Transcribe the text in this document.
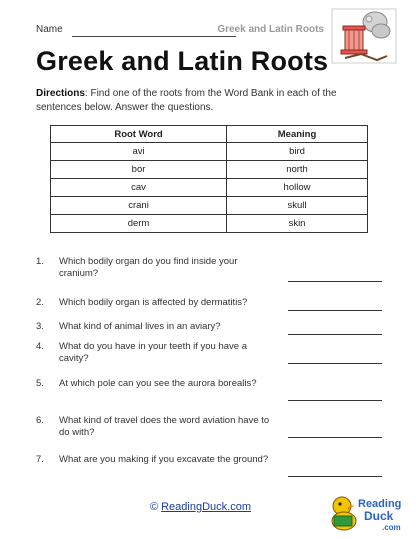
Name	Greek and Latin Roots
Greek and Latin Roots
Directions: Find one of the roots from the Word Bank in each of the sentences below. Answer the questions.
Root Word	Meaning
avi	bird
bor	north
cav	hollow
crani	skull
derm	skin
1.	Which bodily organ do you find inside your cranium?
2.	Which bodily organ is affected by dermatitis?
3.	What kind of animal lives in an aviary?
4.	What do you have in your teeth if you have a cavity?
5.	At which pole can you see the aurora borealis?
6.	What kind of travel does the word aviation have to do with?
7.	What are you making if you excavate the ground?
© ReadingDuck.com	Reading
Duck
.com
